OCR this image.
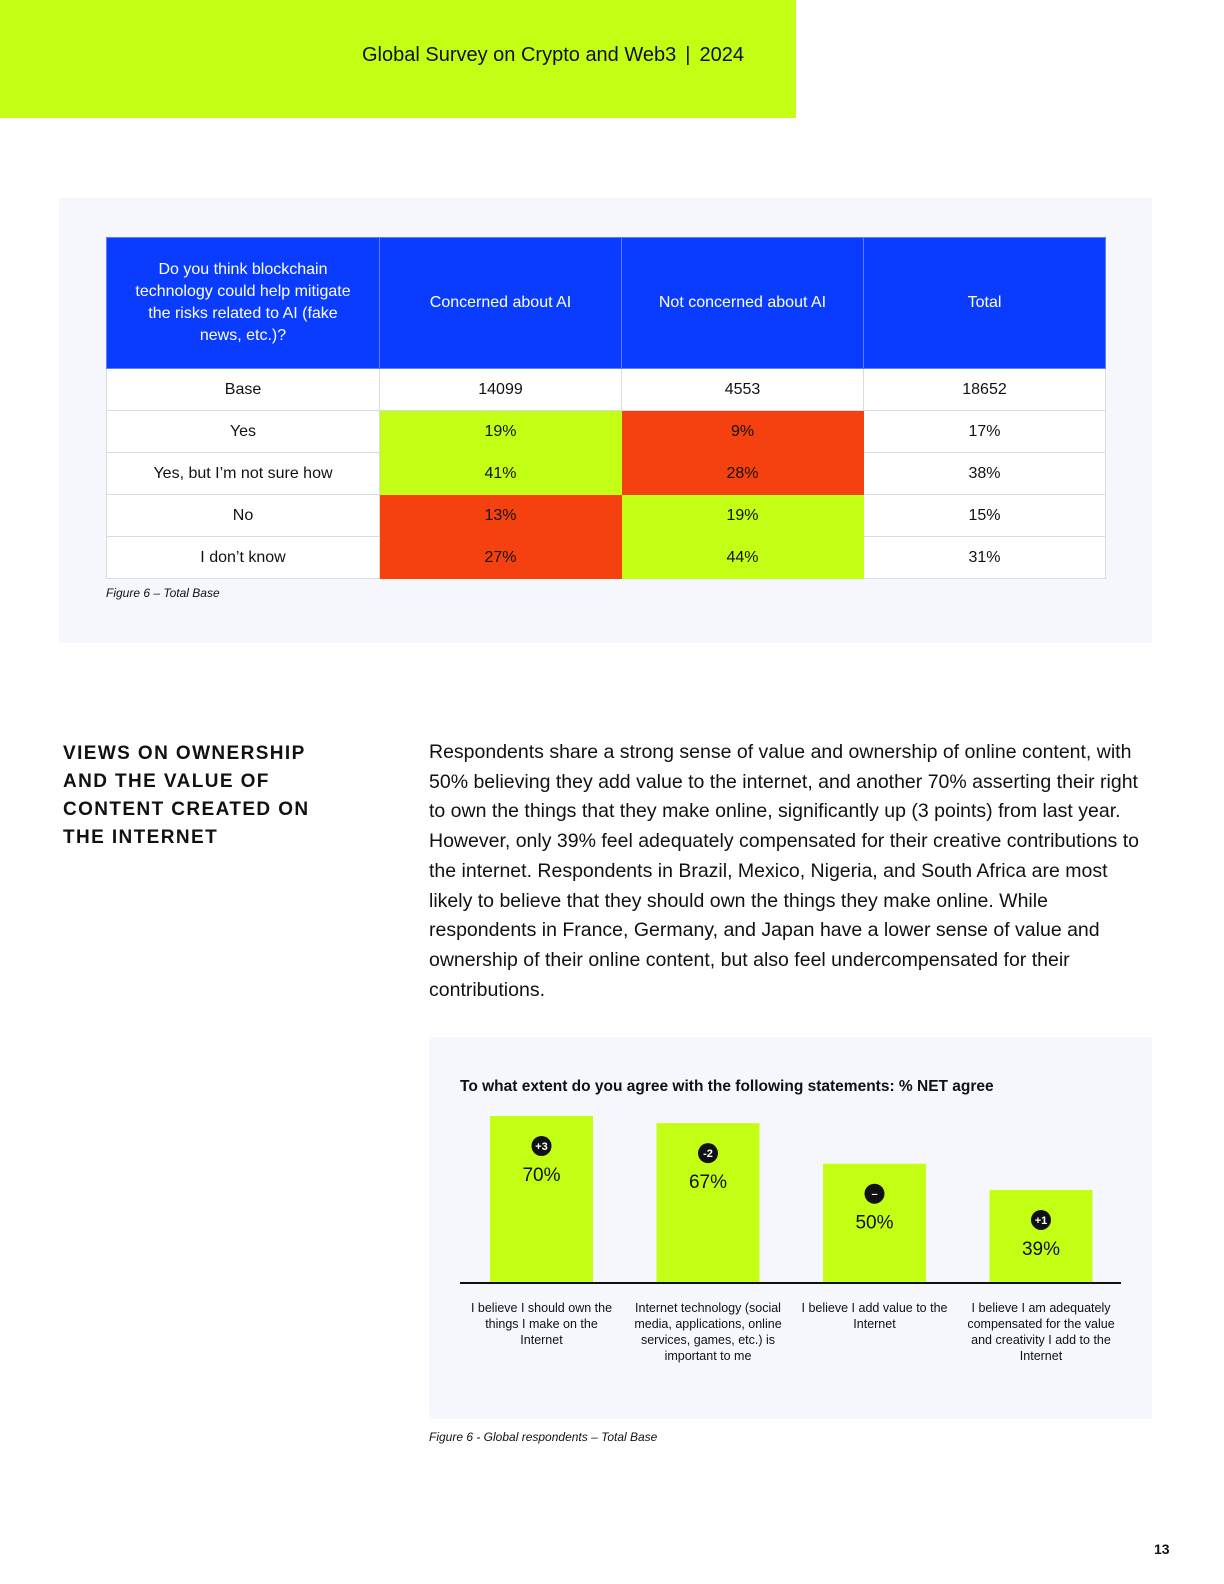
Global Survey on Crypto and Web3 | 2024
Do you think blockchain technology could help mitigate the risks related to AI (fake news, etc.)?	Concerned about AI	Not concerned about AI	Total
Base	14099	4553	18652
Yes	19%	9%	17%
Yes, but I’m not sure how	41%	28%	38%
No	13%	19%	15%
I don’t know	27%	44%	31%
Figure 6 – Total Base
VIEWS ON OWNERSHIP AND THE VALUE OF CONTENT CREATED ON THE INTERNET
Respondents share a strong sense of value and ownership of online content, with 50% believing they add value to the internet, and another 70% asserting their right to own the things that they make online, significantly up (3 points) from last year. However, only 39% feel adequately compensated for their creative contributions to the internet. Respondents in Brazil, Mexico, Nigeria, and South Africa are most likely to believe that they should own the things they make online. While respondents in France, Germany, and Japan have a lower sense of value and ownership of their online content, but also feel undercompensated for their contributions.
+3
70%
-2
67%
–
50%	+1
39%
To what extent do you agree with the following statements: % NET agree
I believe I should own the things I make on the Internet
Internet technology (social media, applications, online services, games, etc.) is important to me
I believe I add value to the Internet
I believe I am adequately compensated for the value and creativity I add to the Internet
Figure 6 - Global respondents – Total Base
13
